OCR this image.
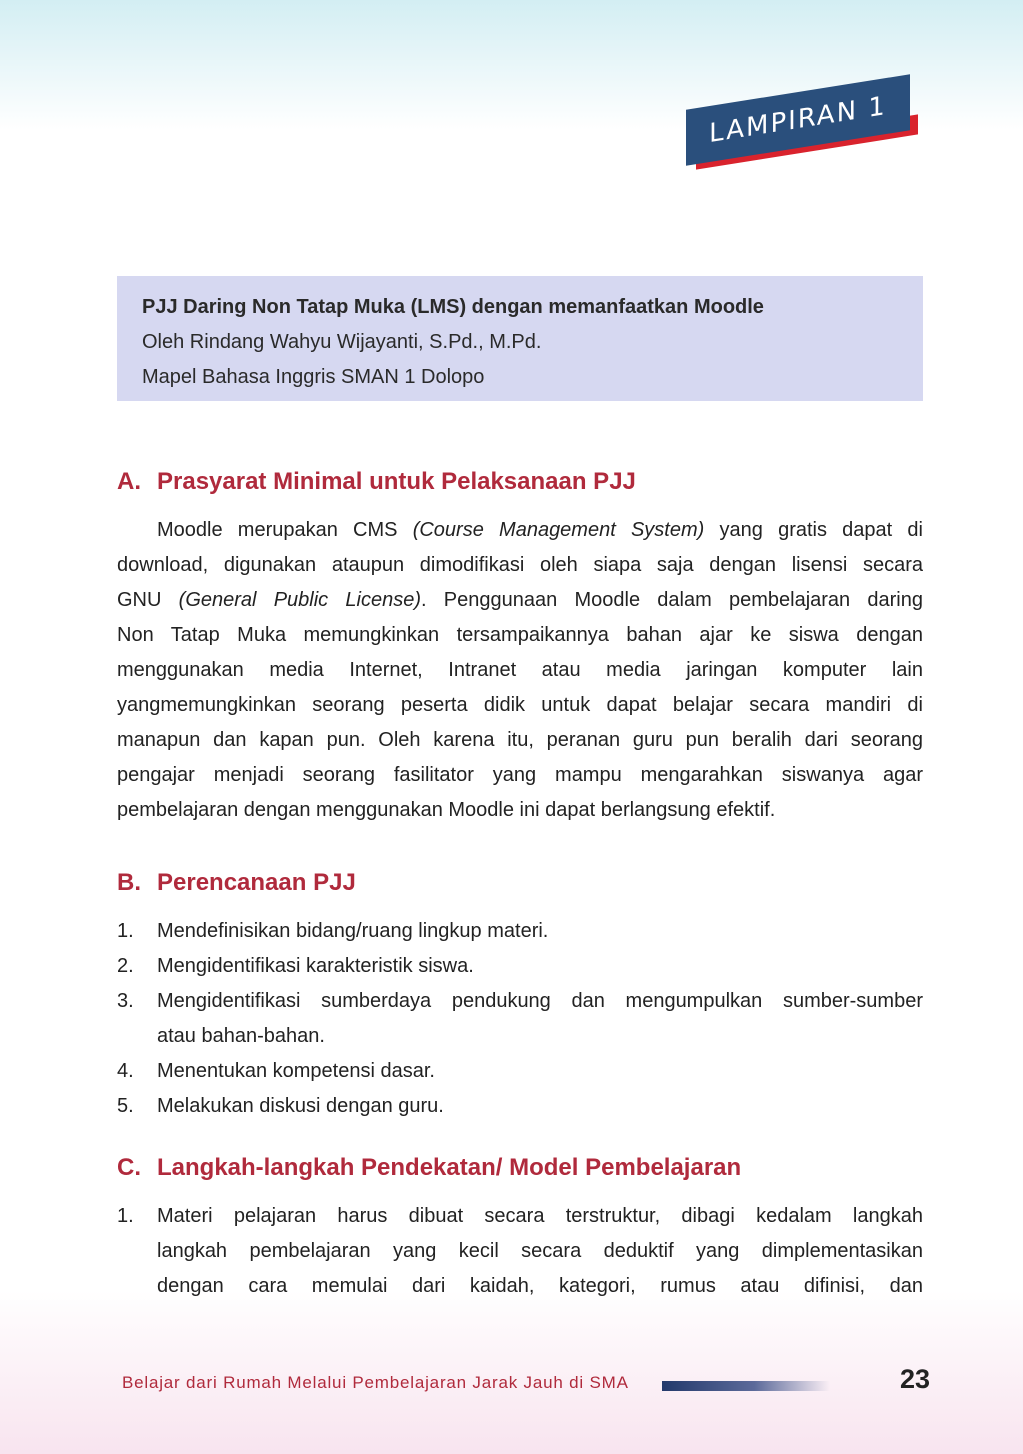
LAMPIRAN 1
PJJ Daring Non Tatap Muka (LMS) dengan memanfaatkan Moodle
Oleh Rindang Wahyu Wijayanti, S.Pd., M.Pd.
Mapel Bahasa Inggris SMAN 1 Dolopo
A. Prasyarat Minimal untuk Pelaksanaan PJJ
Moodle merupakan CMS (Course Management System) yang gratis dapat di
download, digunakan ataupun dimodifikasi oleh siapa saja dengan lisensi secara
GNU (General Public License). Penggunaan Moodle dalam pembelajaran daring
Non Tatap Muka memungkinkan tersampaikannya bahan ajar ke siswa dengan
menggunakan media Internet, Intranet atau media jaringan komputer lain
yangmemungkinkan seorang peserta didik untuk dapat belajar secara mandiri di
manapun dan kapan pun. Oleh karena itu, peranan guru pun beralih dari seorang
pengajar menjadi seorang fasilitator yang mampu mengarahkan siswanya agar
pembelajaran dengan menggunakan Moodle ini dapat berlangsung efektif.
B. Perencanaan PJJ
1. Mendefinisikan bidang/ruang lingkup materi.
2. Mengidentifikasi karakteristik siswa.
3. Mengidentifikasi sumberdaya pendukung dan mengumpulkan sumber-sumber
atau bahan-bahan.
4. Menentukan kompetensi dasar.
5. Melakukan diskusi dengan guru.
C. Langkah-langkah Pendekatan/ Model Pembelajaran
1. Materi pelajaran harus dibuat secara terstruktur, dibagi kedalam langkah
langkah pembelajaran yang kecil secara deduktif yang dimplementasikan
dengan cara memulai dari kaidah, kategori, rumus atau difinisi, dan
Belajar dari Rumah Melalui Pembelajaran Jarak Jauh di SMA	23
